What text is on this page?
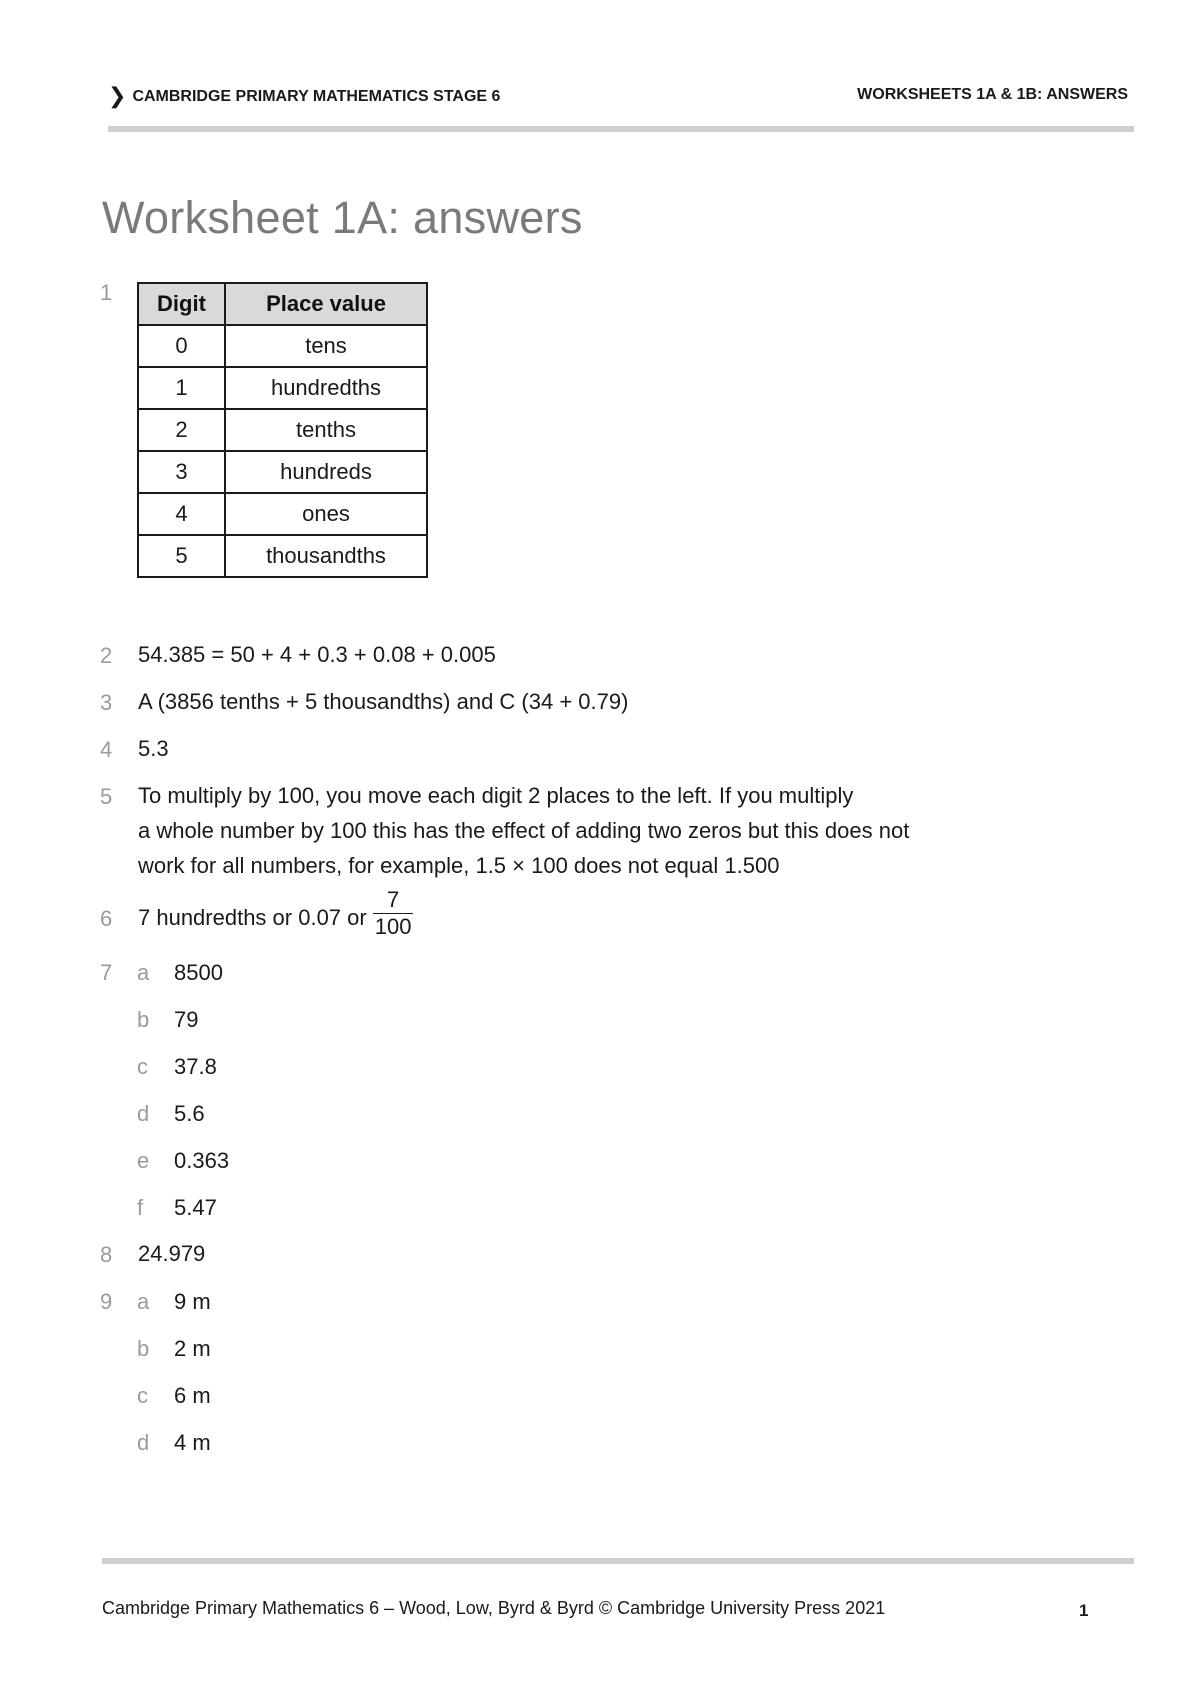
❯ CAMBRIDGE PRIMARY MATHEMATICS STAGE 6	WORKSHEETS 1A & 1B: ANSWERS
Worksheet 1A: answers
1	Digit	Place value
0	tens
1	hundredths
2	tenths
3	hundreds
4	ones
5	thousandths
2	54.385 = 50 + 4 + 0.3 + 0.08 + 0.005
3	A (3856 tenths + 5 thousandths) and C (34 + 0.79)
4	5.3
5	To multiply by 100, you move each digit 2 places to the left. If you multiply
a whole number by 100 this has the effect of adding two zeros but this does not
work for all numbers, for example, 1.5 × 100 does not equal 1.500
6	7 hundredths or 0.07 or $\frac{7}{100}$
7	a 8500
b 79
c 37.8
d 5.6
e 0.363
f 5.47
8	24.979
9	a 9 m
b 2 m
c 6 m
d 4 m
Cambridge Primary Mathematics 6 – Wood, Low, Byrd & Byrd © Cambridge University Press 2021	1
